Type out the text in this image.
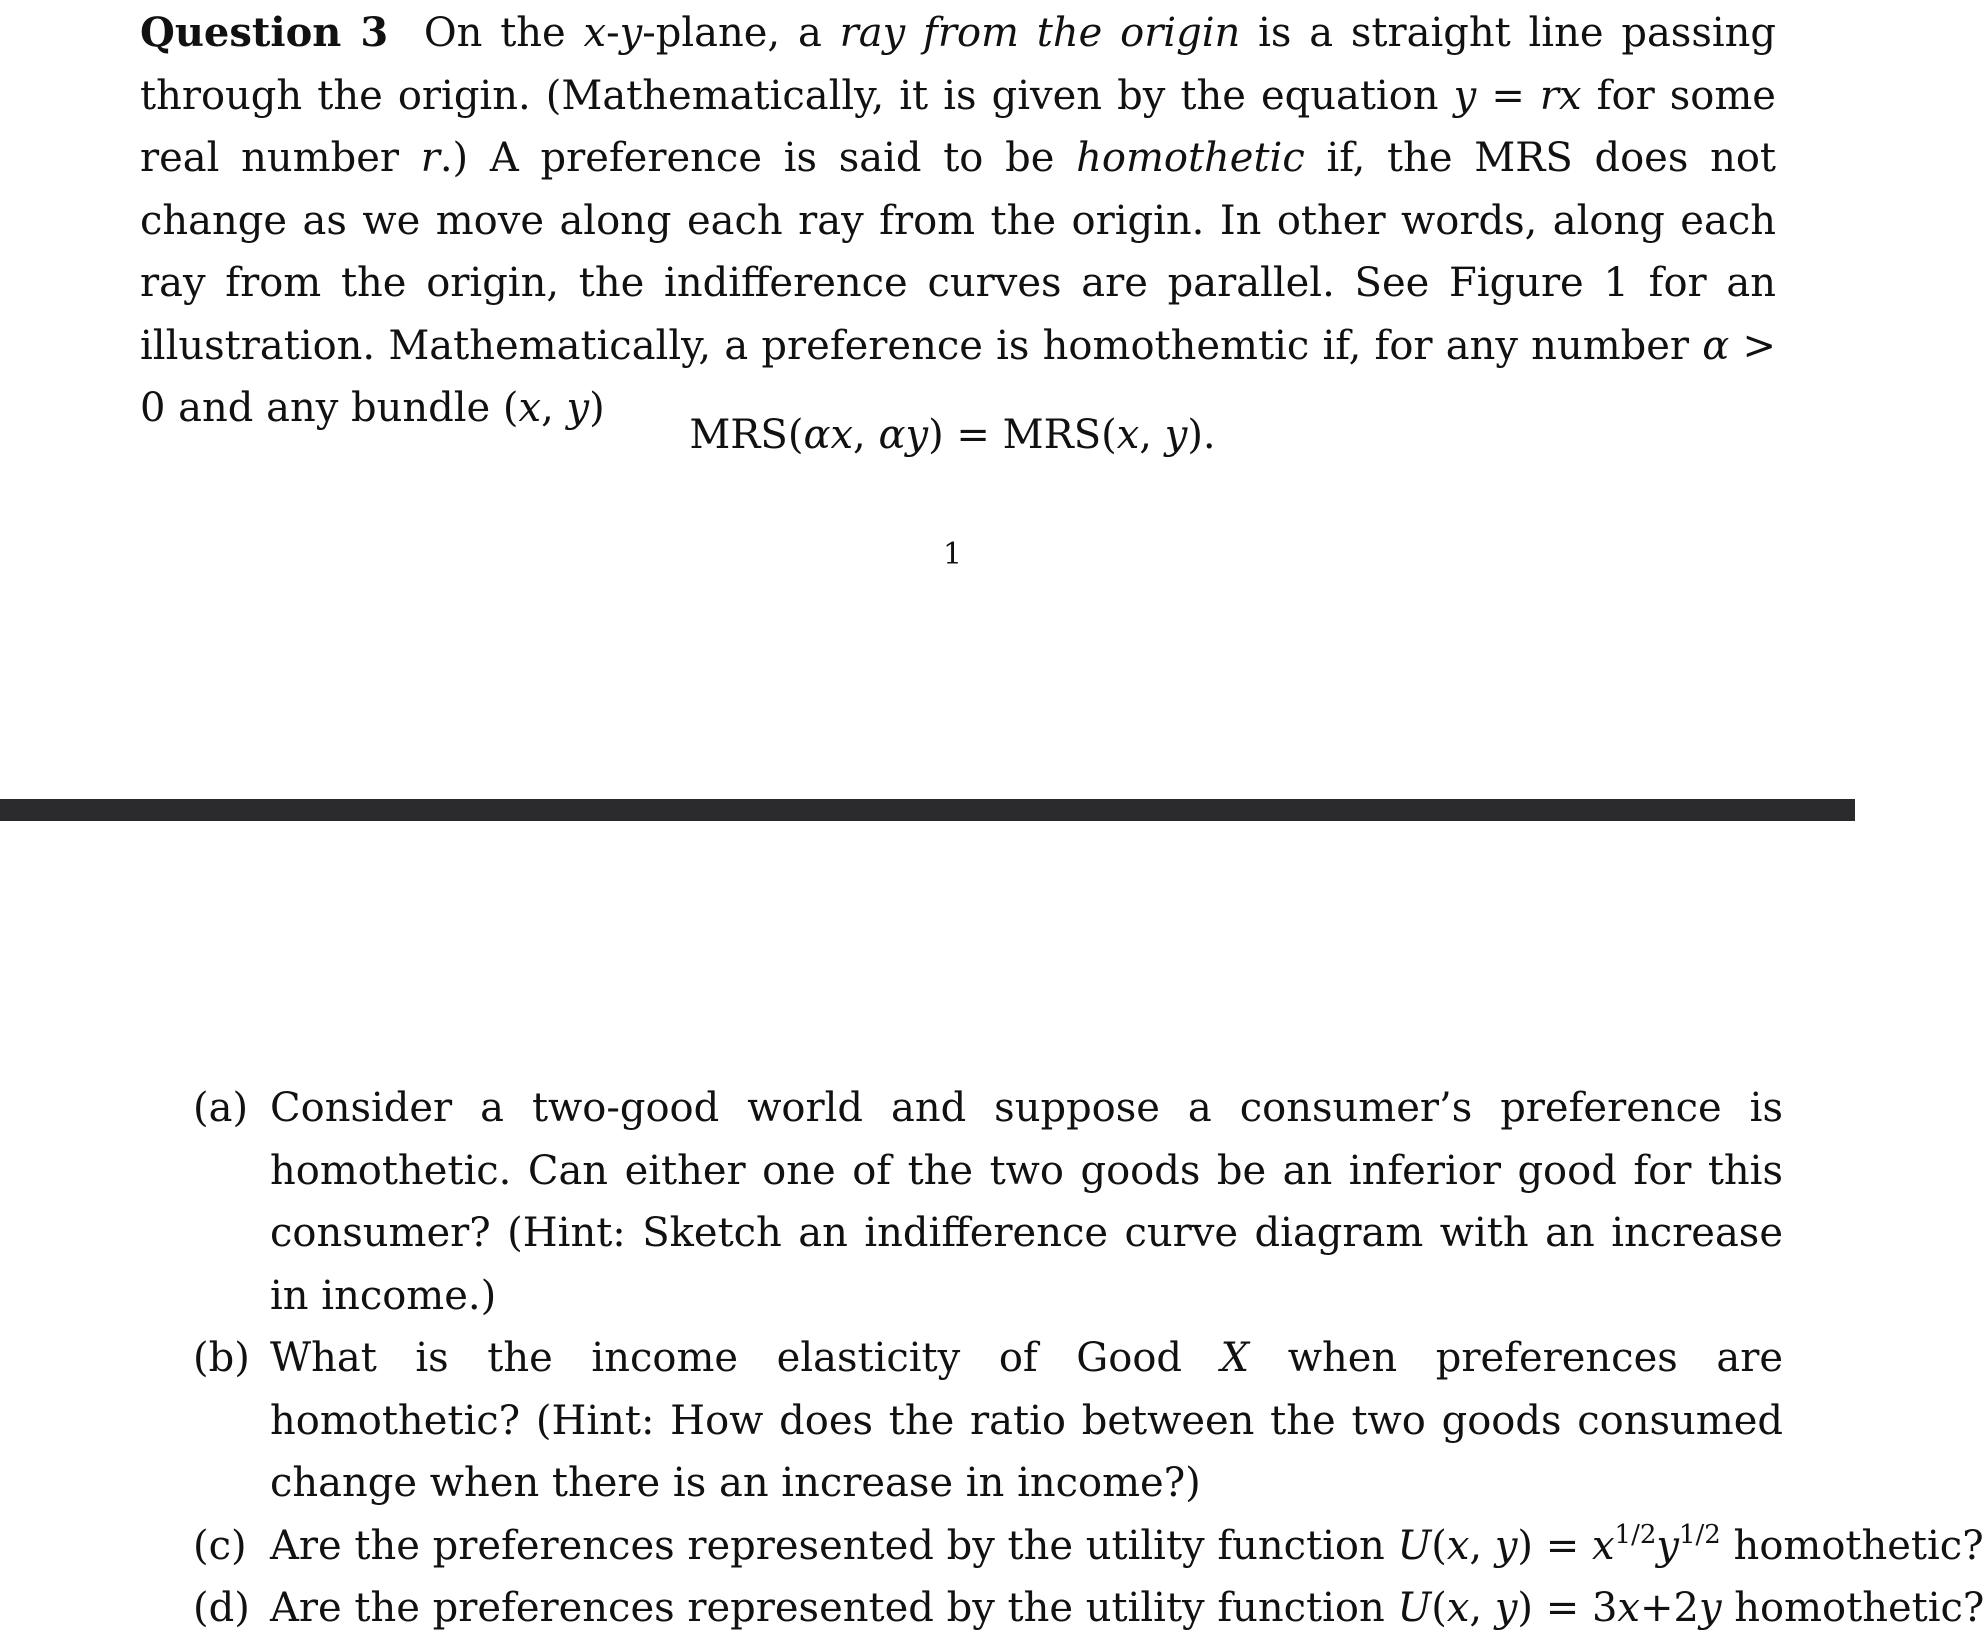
Question 3 On the x-y-plane, a ray from the origin is a straight line passing through the origin. (Mathematically, it is given by the equation y = rx for some real number r.) A preference is said to be homothetic if, the MRS does not change as we move along each ray from the origin. In other words, along each ray from the origin, the indifference curves are parallel. See Figure 1 for an illustration. Mathematically, a preference is homothemtic if, for any number α > 0 and any bundle (x, y)

MRS(αx, αy) = MRS(x, y).
1
(a) Consider a two-good world and suppose a consumer’s preference is homothetic. Can either one of the two goods be an inferior good for this consumer? (Hint: Sketch an indifference curve diagram with an increase in income.)
(b) What is the income elasticity of Good X when preferences are homothetic? (Hint: How does the ratio between the two goods consumed change when there is an increase in income?)
(c) Are the preferences represented by the utility function U(x, $y) = x^{1/2}y^{1/2}$ homothetic?
(d) Are the preferences represented by the utility function U(x, y) = 3x+2y homothetic?
